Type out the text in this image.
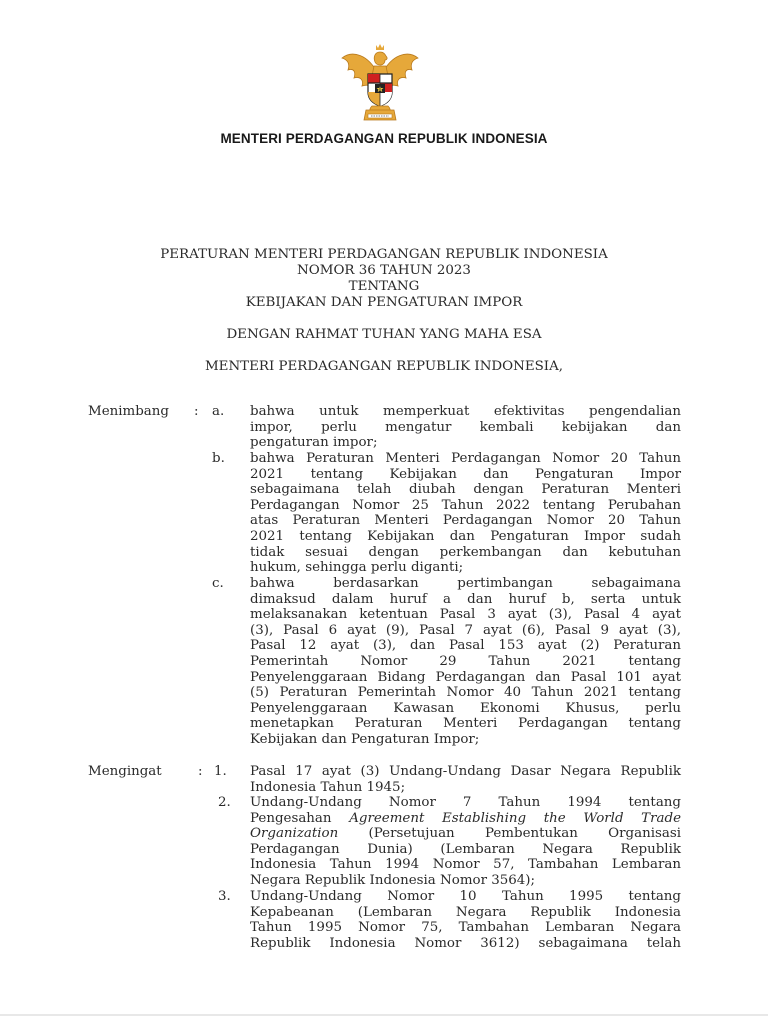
MENTERI PERDAGANGAN REPUBLIK INDONESIA
PERATURAN MENTERI PERDAGANGAN REPUBLIK INDONESIA
NOMOR 36 TAHUN 2023
TENTANG
KEBIJAKAN DAN PENGATURAN IMPOR
DENGAN RAHMAT TUHAN YANG MAHA ESA
MENTERI PERDAGANGAN REPUBLIK INDONESIA,
Menimbang : a. bahwa untuk memperkuat efektivitas pengendalian
impor, perlu mengatur kembali kebijakan dan
pengaturan impor;
b. bahwa Peraturan Menteri Perdagangan Nomor 20 Tahun
2021 tentang Kebijakan dan Pengaturan Impor
sebagaimana telah diubah dengan Peraturan Menteri
Perdagangan Nomor 25 Tahun 2022 tentang Perubahan
atas Peraturan Menteri Perdagangan Nomor 20 Tahun
2021 tentang Kebijakan dan Pengaturan Impor sudah
tidak sesuai dengan perkembangan dan kebutuhan
hukum, sehingga perlu diganti;
c. bahwa berdasarkan pertimbangan sebagaimana
dimaksud dalam huruf a dan huruf b, serta untuk
melaksanakan ketentuan Pasal 3 ayat (3), Pasal 4 ayat
(3), Pasal 6 ayat (9), Pasal 7 ayat (6), Pasal 9 ayat (3),
Pasal 12 ayat (3), dan Pasal 153 ayat (2) Peraturan
Pemerintah Nomor 29 Tahun 2021 tentang
Penyelenggaraan Bidang Perdagangan dan Pasal 101 ayat
(5) Peraturan Pemerintah Nomor 40 Tahun 2021 tentang
Penyelenggaraan Kawasan Ekonomi Khusus, perlu
menetapkan Peraturan Menteri Perdagangan tentang
Kebijakan dan Pengaturan Impor;
Mengingat	: 1. Pasal 17 ayat (3) Undang-Undang Dasar Negara Republik
Indonesia Tahun 1945;
2. Undang-Undang Nomor 7 Tahun 1994 tentang
Pengesahan Agreement Establishing the World Trade
Organization (Persetujuan Pembentukan Organisasi
Perdagangan Dunia) (Lembaran Negara Republik
Indonesia Tahun 1994 Nomor 57, Tambahan Lembaran
Negara Republik Indonesia Nomor 3564);
3. Undang-Undang Nomor 10 Tahun 1995 tentang
Kepabeanan (Lembaran Negara Republik Indonesia
Tahun 1995 Nomor 75, Tambahan Lembaran Negara
Republik Indonesia Nomor 3612) sebagaimana telah
